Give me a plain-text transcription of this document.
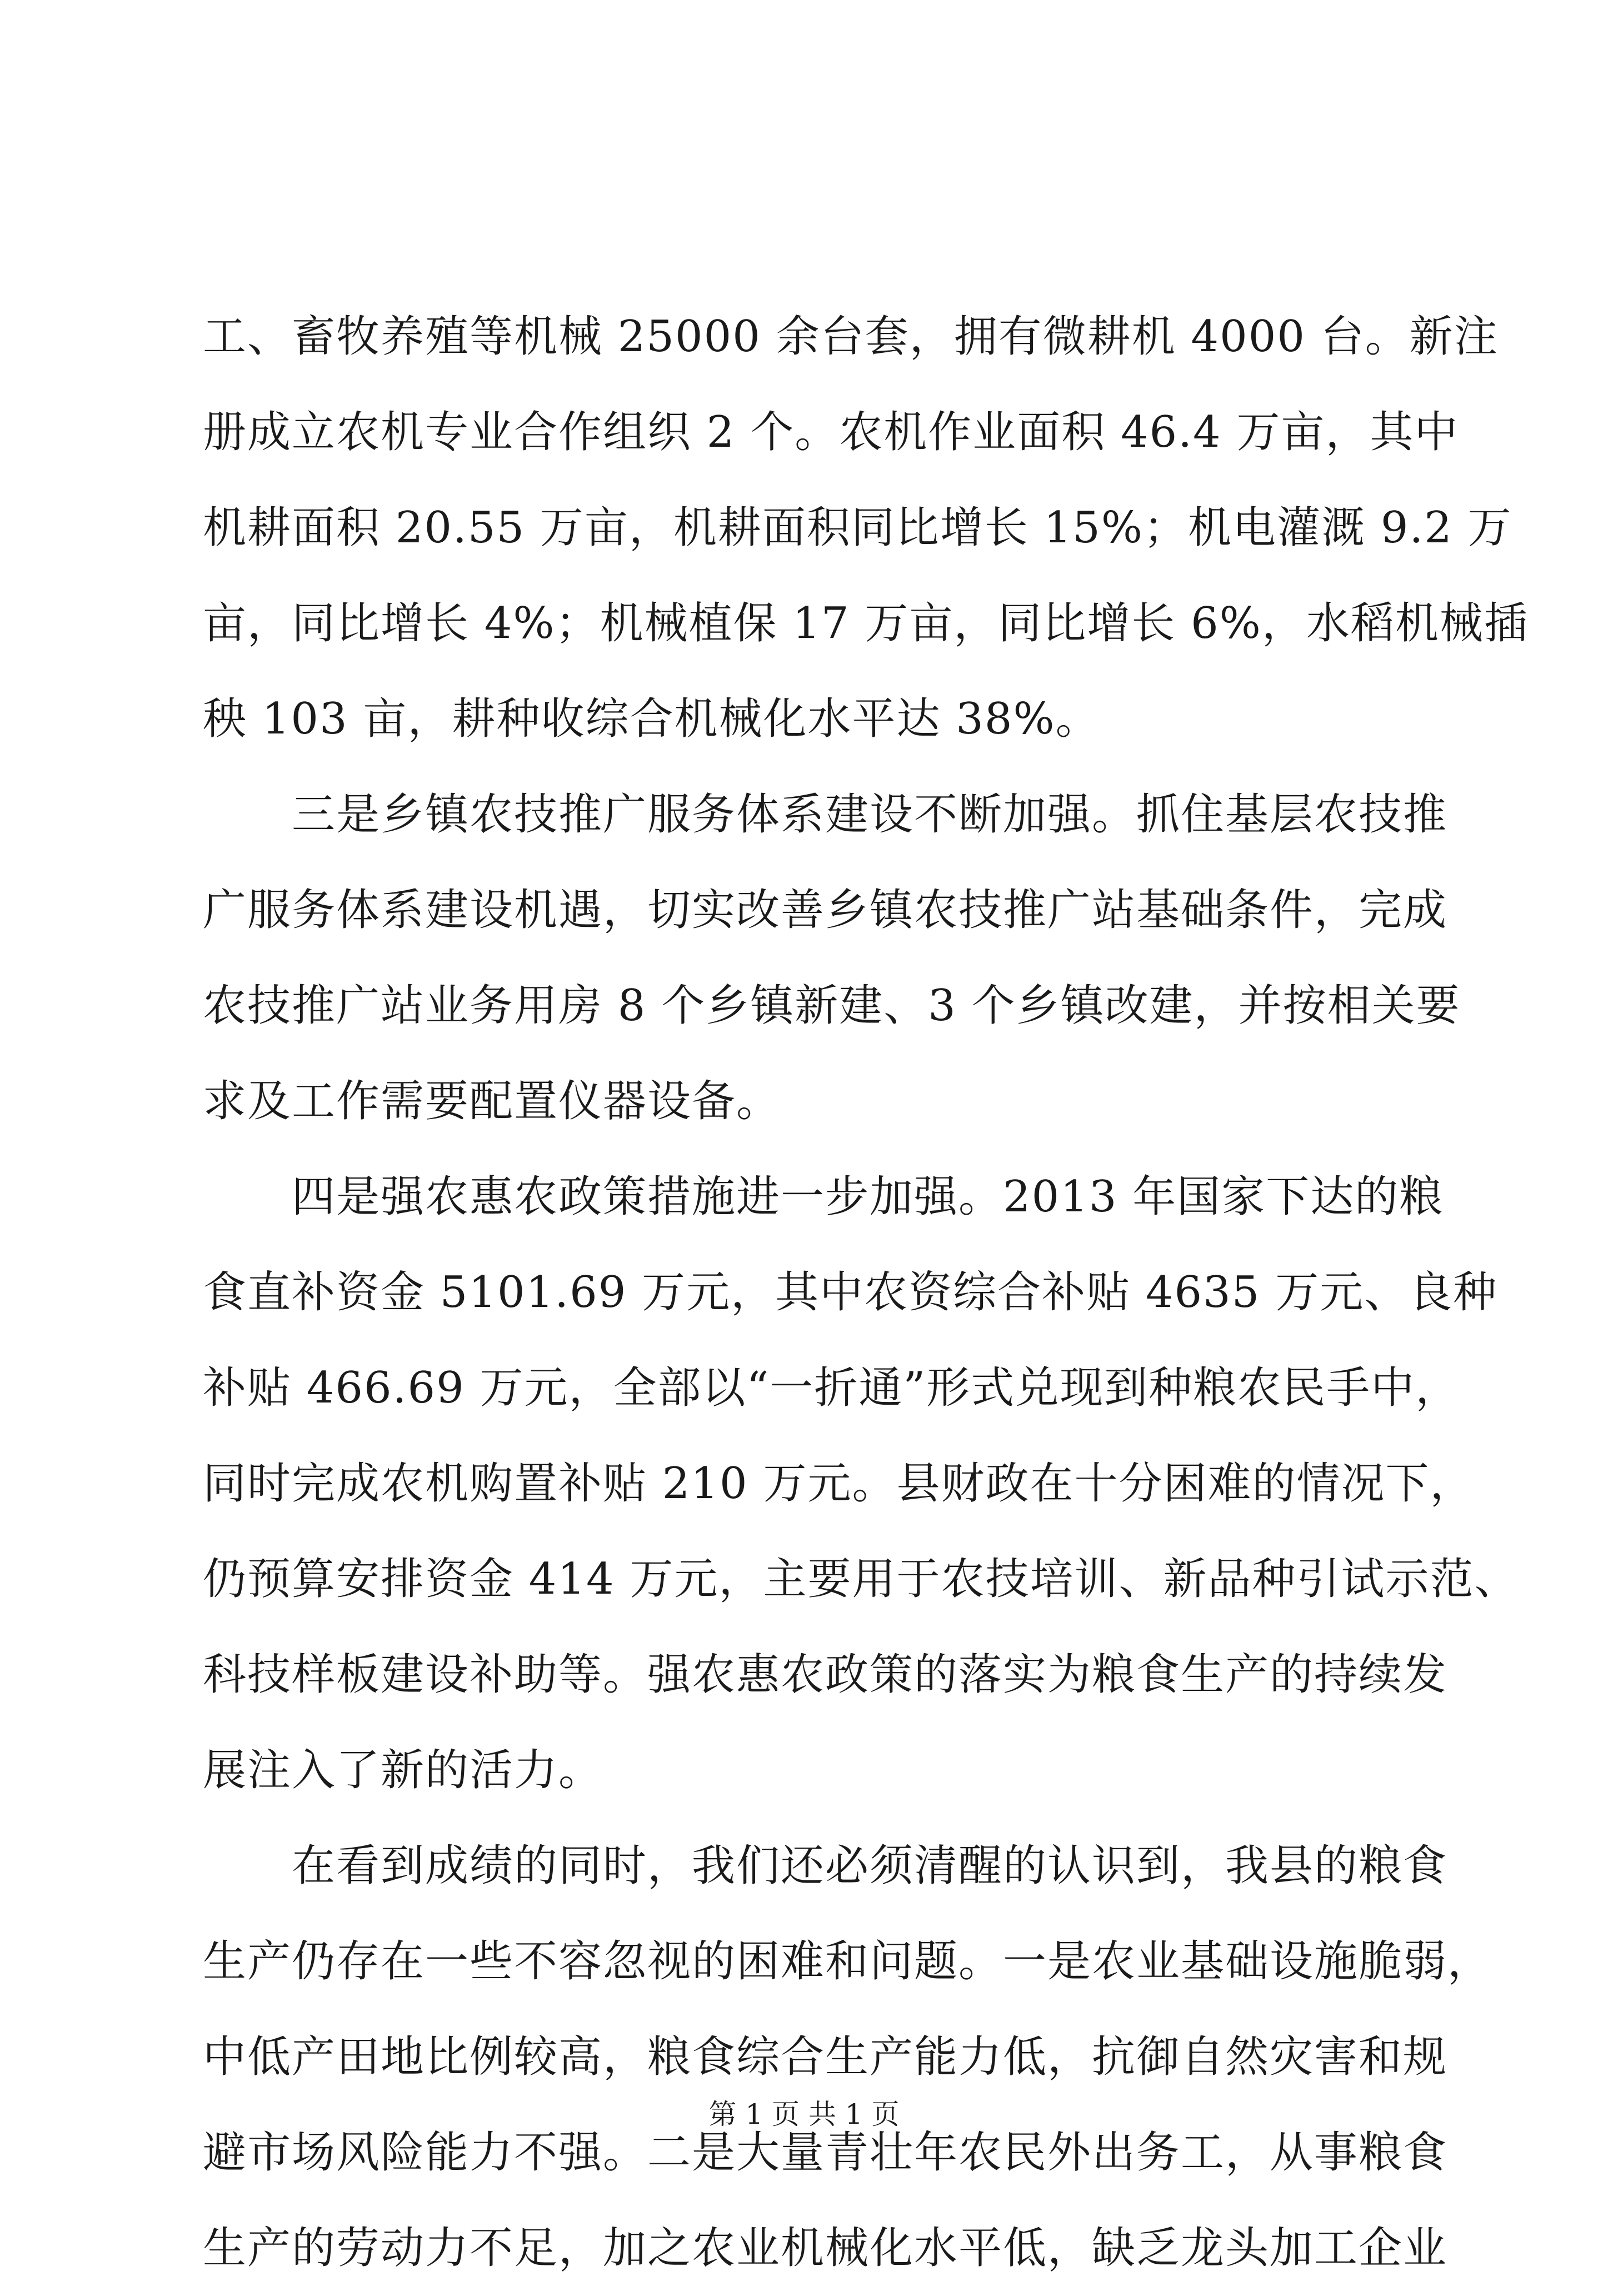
工、畜牧养殖等机械 25000 余台套，拥有微耕机 4000 台。新注
册成立农机专业合作组织 2 个。农机作业面积 46.4 万亩，其中
机耕面积 20.55 万亩，机耕面积同比增长 15%；机电灌溉 9.2 万
亩，同比增长 4%；机械植保 17 万亩，同比增长 6%，水稻机械插
秧 103 亩，耕种收综合机械化水平达 38%。
三是乡镇农技推广服务体系建设不断加强。抓住基层农技推
广服务体系建设机遇，切实改善乡镇农技推广站基础条件，完成
农技推广站业务用房 8 个乡镇新建、3 个乡镇改建，并按相关要
求及工作需要配置仪器设备。
四是强农惠农政策措施进一步加强。2013 年国家下达的粮
食直补资金 5101.69 万元，其中农资综合补贴 4635 万元、良种
补贴 466.69 万元，全部以“一折通”形式兑现到种粮农民手中，
同时完成农机购置补贴 210 万元。县财政在十分困难的情况下，
仍预算安排资金 414 万元，主要用于农技培训、新品种引试示范、
科技样板建设补助等。强农惠农政策的落实为粮食生产的持续发
展注入了新的活力。
在看到成绩的同时，我们还必须清醒的认识到，我县的粮食
生产仍存在一些不容忽视的困难和问题。一是农业基础设施脆弱，
中低产田地比例较高，粮食综合生产能力低，抗御自然灾害和规
避市场风险能力不强。二是大量青壮年农民外出务工，从事粮食
生产的劳动力不足，加之农业机械化水平低，缺乏龙头加工企业
第 1 页 共 1 页
